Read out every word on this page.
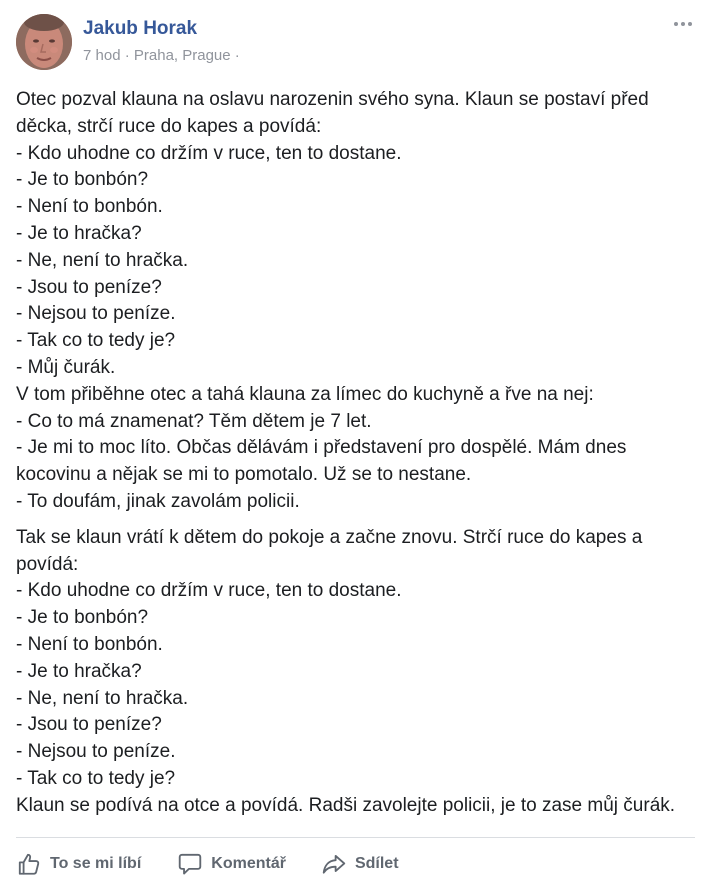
Jakub Horak
7 hod · Praha, Prague ·

Otec pozval klauna na oslavu narozenin svého syna. Klaun se postaví před
děcka, strčí ruce do kapes a povídá:
- Kdo uhodne co držím v ruce, ten to dostane.
- Je to bonbón?
- Není to bonbón.
- Je to hračka?
- Ne, není to hračka.
- Jsou to peníze?
- Nejsou to peníze.
- Tak co to tedy je?
- Můj čurák.
V tom přiběhne otec a tahá klauna za límec do kuchyně a řve na nej:
- Co to má znamenat? Těm dětem je 7 let.
- Je mi to moc líto. Občas dělávám i představení pro dospělé. Mám dnes
kocovinu a nějak se mi to pomotalo. Už se to nestane.
- To doufám, jinak zavolám policii.

Tak se klaun vrátí k dětem do pokoje a začne znovu. Strčí ruce do kapes a
povídá:
- Kdo uhodne co držím v ruce, ten to dostane.
- Je to bonbón?
- Není to bonbón.
- Je to hračka?
- Ne, není to hračka.
- Jsou to peníze?
- Nejsou to peníze.
- Tak co to tedy je?
Klaun se podívá na otce a povídá. Radši zavolejte policii, je to zase můj čurák.

To se mi líbí	Komentář	Sdílet
